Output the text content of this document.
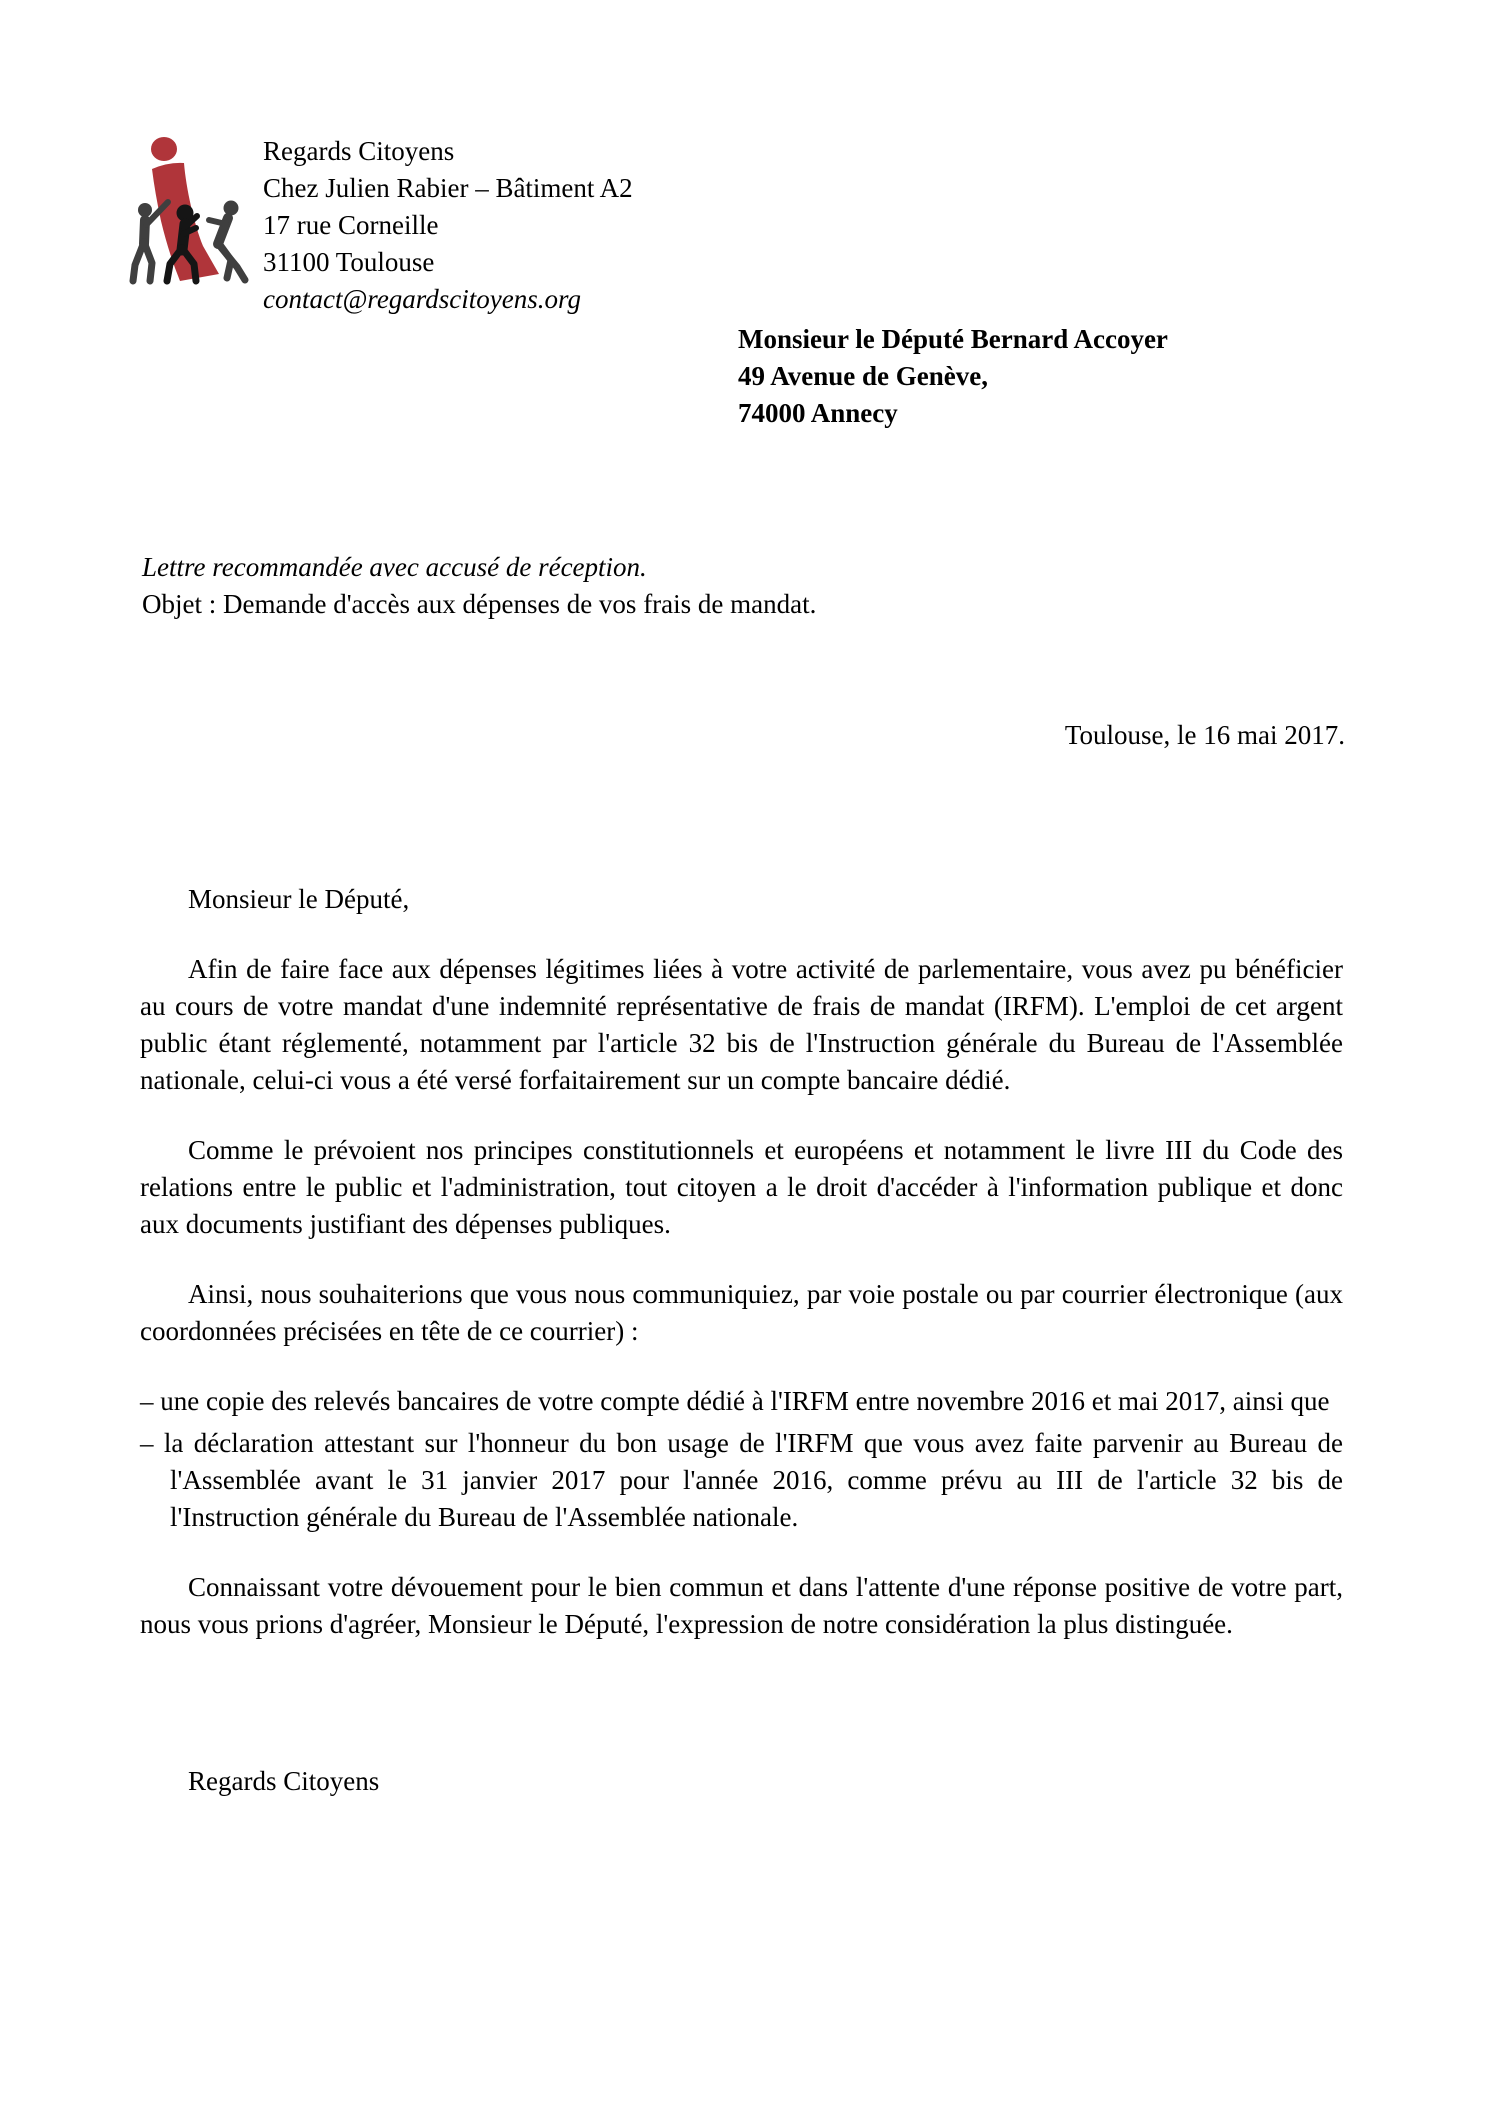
Regards Citoyens
Chez Julien Rabier – Bâtiment A2
17 rue Corneille
31100 Toulouse
contact@regardscitoyens.org
Monsieur le Député Bernard Accoyer
49 Avenue de Genève,
74000 Annecy
Lettre recommandée avec accusé de réception.
Objet : Demande d'accès aux dépenses de vos frais de mandat.
Toulouse, le 16 mai 2017.

Monsieur le Député,

Afin de faire face aux dépenses légitimes liées à votre activité de parlementaire, vous avez pu bénéficier au cours de votre mandat d'une indemnité représentative de frais de mandat (IRFM). L'emploi de cet argent public étant réglementé, notamment par l'article 32 bis de l'Instruction générale du Bureau de l'Assemblée nationale, celui-ci vous a été versé forfaitairement sur un compte bancaire dédié.

Comme le prévoient nos principes constitutionnels et européens et notamment le livre III du Code des relations entre le public et l'administration, tout citoyen a le droit d'accéder à l'information publique et donc aux documents justifiant des dépenses publiques.

Ainsi, nous souhaiterions que vous nous communiquiez, par voie postale ou par courrier électronique (aux coordonnées précisées en tête de ce courrier) :

– une copie des relevés bancaires de votre compte dédié à l'IRFM entre novembre 2016 et mai 2017, ainsi que

– la déclaration attestant sur l'honneur du bon usage de l'IRFM que vous avez faite parvenir au Bureau de l'Assemblée avant le 31 janvier 2017 pour l'année 2016, comme prévu au III de l'article 32 bis de l'Instruction générale du Bureau de l'Assemblée nationale.

Connaissant votre dévouement pour le bien commun et dans l'attente d'une réponse positive de votre part, nous vous prions d'agréer, Monsieur le Député, l'expression de notre considération la plus distinguée.

Regards Citoyens
